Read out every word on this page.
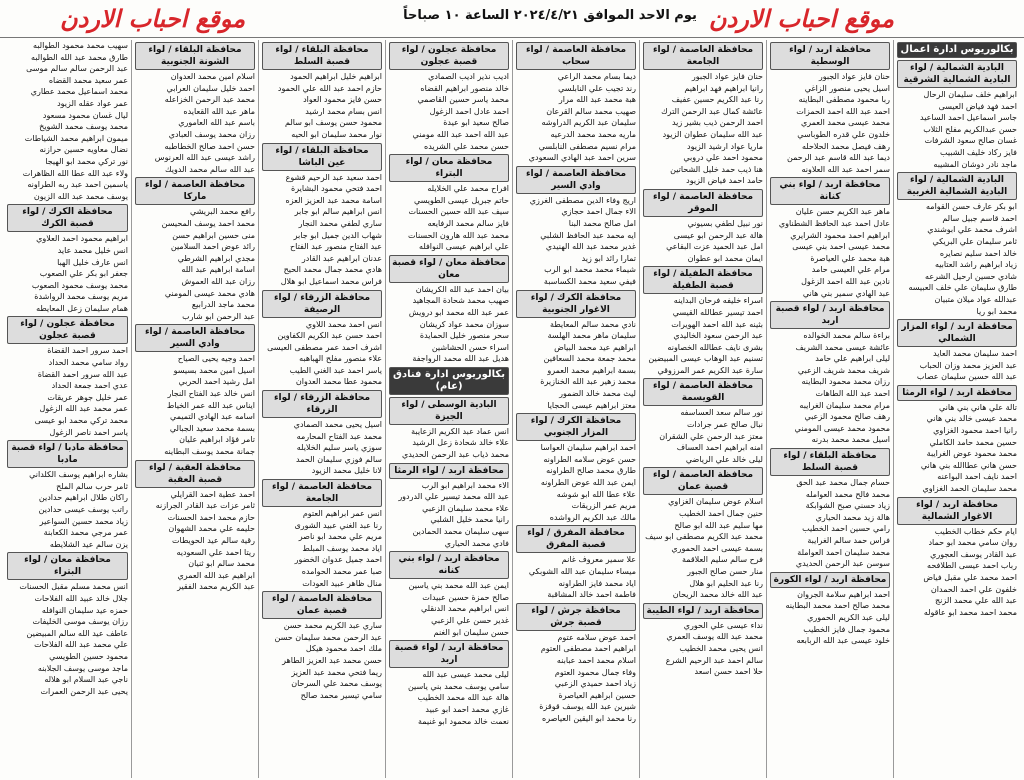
موقع احباب الاردن
يوم الاحد الموافق ٢٠٢٤/٤/٢١ الساعة ١٠ صباحاً
موقع احباب الاردن
بكالوريوس ادارة اعمال
البادية الشمالية / لواء البادية الشمالية الشرقية
ابراهيم خلف سليمان الرحال
احمد فهد فياض العيسى
جاسر اسماعيل احمد الساعيد
حسن عبدالكريم مفلح الثلاب
غسان صالح سعود الشرفات
فايز ركاد خليف الشبيب
ماجد نادر دوشان المشيبه
البادية الشمالية / لواء البادية الشمالية الغربية
ابو بكر عارف حسن القوامه
احمد قاسم جبيل سالم
اشرف محمد علي ابوشندي
ثامر سليمان علي البريكي
خالد احمد سليم نصايره
زياد ابراهيم راشد العتابيه
شادي حسين ارحيل الشرعه
طارق سليمان علي خلف العبيسه
عبدالله عواد ميلان متبيان
محمد ابو ريا
محافظة اربد / لواء المزار الشمالي
احمد سليمان محمد العايد
عبد العزيز محمد وزان الحباب
عبد الله حسين سليمان عصاب
محافظة اربد / لواء الرمثا
تالة علي هاني بني هاني
محمد عيسى خالد بني هاني
رانيا احمد محمود الغزاوي
حسين محمد حامد الكاملي
محمد محمود عوض الغرايبة
حسن هاني عطاالله بني هاني
احمد نايف احمد البواعنه
محمد سليمان الحمد الغزاوي
محافظة اربد / لواء الاغوار الشمالية
ايام حكم خطاب الخطيب
روان سامي محمد ابو حماد
عبد القادر يوسف العجوري
رباب احمد عيسى الطلافحه
احمد محمد علي مقبل فياض
خلفون علي احمد الحمدان
عبد الله علي محمد الزنج
محمد احمد محمد ابو عاقوله
محافظة اربد / لواء الوسطية
حنان فايز عواد الجبور
اسيل يحيى منصور الزاغي
ربا محمود مصطفى البطاينه
احمد عبد الله احمد الحمزات
محمد عيسى محمد العمري
خلدون علي قدره الطوباسي
رهف فيصل محمد الحلاحله
ديما عبد الله قاسم عبد الرحمن
سمر احمد عبد الله العلاونه
محافظة اربد / لواء بني كنانة
ماهر عبد الكريم حسن عليان
عادل احمد عبد الحافظ الشطناوي
ابراهيم احمد محمود الشرايري
محمد عيسى احمد بني عيسى
هبة محمد علي العياصرة
مرام علي العيسى حامد
نادين عبد الله احمد الزغول
عبد الهادي سمير بني هاني
محافظة اربد / لواء قصبة اربد
براءة سالم محمد الخوالده
عائشة عيسى محمد الشريف
ليلى ابراهيم علي حامد
شريف محمد شريف الزعبي
رزان محمد محمود البطاينه
احمد عبد الله الطاهات
مرام محمد سليمان الغرايبه
رهف صالح محمود الزعبي
محمود محمد عيسى المومني
اسيل محمد محمد بدرنه
محافظة البلقاء / لواء قصبة السلط
حسام جمال محمد عبد الحق
محمد فالح محمد العوامله
زياد حسني صبح الشوابكة
هالة زيد محمد الحياري
رامي حسين احمد الخطيب
فراس حمد سالم الغرايبة
محمد سليمان احمد العواملة
سوسن عبد الرحمن الحديدي
محافظة اربد / لواء الكورة
احمد ابراهيم سلامة الجروان
محمد صالح احمد محمد البطاينه
ليلى عبد الكريم الحموري
محمود جمال فايز الخطيب
خلود عيسى عبد الله الربابعه
محافظة العاصمة / لواء الجامعة
حنان فايز عواد الجبور
رانيا ابراهيم فهد ابراهيم
رنا عبد الكريم حسين عفيف
عائشة كمال عبد الرحمن الترك
احمد الرحمن ذيب بشير زيد
عبد الله سليمان عطوان الزيود
ماريا عواد ارشيد الزيود
محمود احمد علي دروبي
هنا ذيب حمد خليل الشحاتين
حامد احمد فياض الزيود
محافظة العاصمة / لواء الموقر
نور نبيل لطفي بسيوني
هالة عبد الرحمن ابو عيسى
امل عبد الحميد عزت البقاعي
ايمان محمد ابو عطوان
محافظة الطفيلة / لواء قصبة الطفيلة
اسراء خليفه فرحان البداينه
احمد تيسير عطالله القيسي
بثينه عبد الله احمد الهويرات
عبد الرحمن سعود الخاليدي
بشرى نايف عطالله الخصاونه
تسنيم عبد الوهاب عيسى المبيضين
سارة عبد الكريم عمر المرزوقي
محافظة العاصمة / لواء القويسمة
نور سالم سعد العساسفه
نبال صالح عمر جرادات
معتز عبد الرحمن علي الشقران
امنه ابراهيم احمد العساف
ليلى خالد علي الرياضي
محافظة العاصمة / لواء قصبة عمان
اسلام عوض سليمان الغزاوي
حنين جمال احمد الخطيب
مها سليم عبد الله ابو صالح
محمد عبد الكريم مصطفى ابو سيف
بسمة عيسى احمد الحموري
فرح سالم سليم العلاقمة
منار حسن صالح الجبور
رنا عبد الحليم ابو هلال
عبد الله خالد محمد الريحان
محافظة اربد / لواء الطيبة
نداء عيسى علي الحوري
محمد عبد الله يوسف العمري
انس يحيى محمد الخطيب
سالم احمد عبد الرحيم الشرع
حلا احمد حسن اسعد
محافظة العاصمة / لواء سحاب
ديما بسام محمد الراعي
رند تجيب علي النابلسي
هبة محمد عبد الله مرار
صهيب محمد سالم القرعان
سليمان عبد الكريم الدراوشه
ماريه محمد محمد الدرعيه
مرام نسيم مصطفى النابلسي
سرين احمد عبد الهادي السعودي
محافظة العاصمة / لواء وادي السير
اريج وفاء الدين مصطفى الغرزي
الاء جمال احمد حجازي
امل صالح محمد البنا
ايه محمد عبد الحافظ الشلبي
غدير محمد عبد الله الهنيدي
تمارا رائد ابو زيد
شيماء محمد محمد ابو الرب
فيفي سعيد محمد الكساسبة
محافظة الكرك / لواء الاغوار الجنوبية
نادي محمد سالم المعايطة
سليمان ماهر محمد الهلسة
ابراهيم عيد محمد البياض
محمد جمعة محمد السعافين
بسمة ابراهيم محمد العمرو
محمد زهير عبد الله الخنازيرة
ليث محمد خالد الضمور
معتز ابراهيم عيسى الحجايا
محافظة الكرك / لواء المزار الجنوبي
احمد ابراهيم سليمان العواسا
حسن عوض سلامه الطراونه
طارق محمد صالح الطراونه
ايمن عبد الله عوض الطراونه
علاء عطا الله ابو شوشه
مريم عمر الزريقات
مالك عبد الكريم الرواشده
محافظة المفرق / لواء قصبة المفرق
علا سمير معروف غانم
ميساء سليمان عبد الله الشوبكي
اياد محمد فايز الطراونه
فاطمة احمد خالد المشاقبة
محافظة جرش / لواء قصبة جرش
احمد عوض سلامه عتوم
ابراهيم احمد مصطفى العتوم
اسلام محمد احمد عبابنه
وفاء جمال محمود العتوم
زياد احمد حميدي الزعبي
حسين ابراهيم العياصرة
شيرين عبد الله يوسف قوقزة
رنا محمد ابو اليقين العياصره
محافظة عجلون / لواء قصبة عجلون
اديب نذير اديب الصمادي
خالد منصور ابراهيم القضاه
محمد ياسر حسين القاصمي
احمد عادل احمد الزغول
صالح سعيد ابو عيدة
عبد الله احمد عبد الله مومني
حسن محمد علي الشريده
محافظة معان / لواء البتراء
افراح محمد علي الخلايله
حاتم جبريل عيسى الطويسي
سيف عبد الله حسين الحسنات
فايز سالم محمد الرفايعه
محمد عبد الله هارون الحسنات
علي ابراهيم عيسى النوافله
محافظة معان / لواء قصبة معان
بيان احمد عبد الله الكريشان
صهيب محمد شحادة المجاهيد
عمر عبد الله محمد ابو درويش
سوزان محمد عواد كريشان
سحر منصور خليل الحمايدة
اسراء حسن الحشاشين
هديل عبد الله محمد الرواجفة
بكالوريوس ادارة فنادق (عام)
البادية الوسطى / لواء الجيزة
انس عماد عبد الكريم الزعايبة
علاء خالد شحادة زعل الرشيد
محمد ذياب عبد الرحمن الحديدي
محافظة اربد / لواء الرمثا
الاء محمد ابراهيم ابو الرب
عبد الله محمد تيسير علي الدردور
علاء محمد سليمان الزعبي
رانيا محمد خليل الشلبي
سهى سليمان محمد الحمادين
فادي محمد الحياري
محافظة اربد / لواء بني كنانه
ايمن عبد الله محمد بني ياسين
صالح حمزة حسين عبيدات
انس ابراهيم محمد الدنقلي
غدير حسن علي الزعبي
حسن سليمان ابو الغنم
محافظة اربد / لواء قصبة اربد
ليلى محمد عيسى عبد الله
سامي يوسف محمد بني ياسين
هالة عبد الله محمد الخطيب
غازي محمد احمد ابو عبيد
نعمت خالد محمود ابو غنيمة
محافظة البلقاء / لواء قصبة السلط
ابراهيم خليل ابراهيم الحمود
حازم احمد عبد الله علي الحمود
حسن فايز محمود العواد
انس بسام محمد ارشيد
محمود حسن يوسف ابو سالم
نوار محمد سليمان ابو الحيه
محافظة البلقاء / لواء عين الباشا
احمد سعيد عبد الرحيم قشوع
احمد فتحي محمود البشايرة
اسامة محمد عبد العزيز العزه
انس ابراهيم سالم ابو جابر
ساري لطفي محمد النجار
شهاب الدين جميل ابو جابر
عبد الفتاح منصور عبد الفتاح
عدنان ابراهيم عبد القادر
هادي محمد جمال محمد الحيح
فراس محمد اسماعيل ابو هلال
محافظة الزرقاء / لواء الرصيفة
انس احمد محمد اللاوي
احمد حسن عبد الكريم الكفاوين
اشرف احمد عمر مصطفى العيسى
علاء منصور مفلح الهباهبه
ياسر احمد عبد الغني الطيب
محمود عطا محمد العدوان
محافظة الزرقاء / لواء الزرقاء
اسيل يحيى محمد الصمادي
محمد عبد الفتاح المحارمه
سوزي ياسر سليم الخلايله
سالم فوزي سليمان الحمد
لانا خليل محمد الزيود
محافظة العاصمة / لواء الجامعة
انس عمر ابراهيم العتوم
رنا عبد الغني عبيد الشورى
مريم علي محمد ابو ناصر
اياد محمد يوسف المبلط
احمد جميل عدوان الخضور
صبا عمر محمد الحوامده
منال ظاهر عبيد العودات
محافظة العاصمة / لواء قصبة عمان
ساري عبد الكريم محمد حسن
عبد الرحمن محمد سليمان حسن
ملك احمد محمود هيكل
حسن محمد عبد العزيز الطاهر
ريما فتحي محمد عبد العزيز
يوسف محمد علي السرحان
سامي تيسير محمد صالح
محافظة البلقاء / لواء الشونة الجنوبية
اسلام امين محمد العدوان
احمد خليل سليمان العرابي
محمد عبد الرحمن الخزاعله
ماهر عبد الله القعايده
باسم عبد الله العاموري
رزان محمد يوسف العبادي
حسن احمد صالح الخطاطبه
راشد عيسى عبد الله العرنوس
عبد الله سالم محمد الدويك
محافظة العاصمة / لواء ماركا
رافع محمد البريشي
محمد احمد يوسف المحيسن
منى حسين ابراهيم حسن
رائد عوض احمد السلامين
مجدي ابراهيم الشرطي
اسامة ابراهيم عبد الله
رزان عبد الله العموش
هادي محمد عيسى المومني
محمد ماجد الدرابيع
عبد الرحمن ابو شارب
محافظة العاصمة / لواء وادي السير
احمد وجيه يحيى الصياح
اسيل امين محمد بسيسو
امل رشيد احمد الحربي
انس خالد عبد الفتاح النجار
ايناس عبد الله عمر الخياط
اسامه عبد الهادي التميمي
بسمة محمد سعيد الجبالي
تامر فؤاد ابراهيم عليان
جمانة محمد يوسف البطاينه
محافظة العقبة / لواء قصبة العقبة
احمد عطية احمد القرايلي
ثامر عزات عبد القادر الجرازنه
حازم محمد احمد الحسنات
حليمه علي محمد الشهوان
رقية سالم عيد الحويطات
ريتا احمد علي السعوديه
محمد سالم ابو ثنيان
ابراهيم عبد الله العمري
عبد الكريم محمد الفقير
سهيب محمد محمود الطوالبه
طارق محمد عبد الله الطوالبه
عبد الرحمن سالم سالم موسى
عمر سعيد محمد القضاه
محمد اسماعيل محمد عطاري
عمر عواد عقله الزيود
ليال غسان محمود مسعود
محمد يوسف محمد الشويخ
ميمون ابراهيم محمد الشياطات
نضال معاويه حسين حرازنه
نور تركي محمد ابو الهيجا
ولاء عبد الله عطا الله الظاهرات
ياسمين احمد عبد ربه الطراونه
يوسف محمد عبد الله الزيون
محافظة الكرك / لواء قصبة الكرك
ابراهيم محمود احمد العلاوي
انس خليل محمد عايد
انس عارف خليل الهبا
جعفر ابو بكر علي الصعوب
محمد يوسف محمود الصعوب
مريم يوسف محمد الرواشدة
همام سليمان زعل المعايطه
محافظة عجلون / لواء قصبة عجلون
احمد سرور احمد القضاة
رواد سامي محمد الحداد
عبد الله سرور احمد القضاة
عدي احمد جمعة الحداد
عمر خليل جوهر عريقات
عمر محمد عبد الله الزغول
محمد تركي محمد ابو عيسى
ياسر احمد ناصر الزغول
محافظة مادبا / لواء قصبة مادبا
بشاره ابراهيم يوسف الكلداني
ثامر حرب سالم الملح
راكان طلال ابراهيم حدادين
راتب يوسف عيسى حدادين
زياد محمد حسين السواعير
عمر مرجي محمد الكعابنة
يزن سالم عيد الشلايطه
محافظة معان / لواء البتراء
انس محمد مسلم مقبل الحسنات
جلال خالد عبيد الله الفلاحات
حمزه عيد سليمان النوافله
رزان يوسف موسى الخليفات
عاطف عيد الله سالم المبيضين
علي محمد عبد الله الفلاحات
محمود حسين الطويسي
ماجد موسى يوسف الجلابنه
ناجي عبد السلام ابو هلاله
يحيى عبد الرحمن العمرات
